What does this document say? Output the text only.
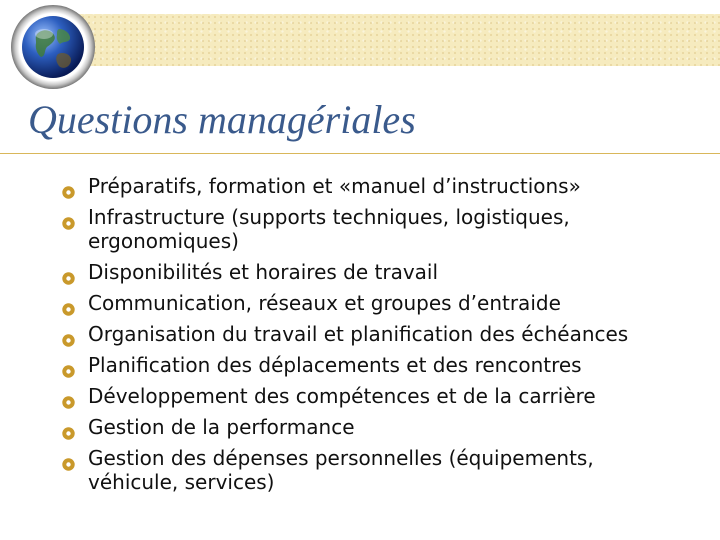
Questions managériales
Préparatifs, formation et «manuel d’instructions»
Infrastructure (supports techniques, logistiques,
ergonomiques)
Disponibilités et horaires de travail
Communication, réseaux et groupes d’entraide
Organisation du travail et planification des échéances
Planification des déplacements et des rencontres
Développement des compétences et de la carrière
Gestion de la performance
Gestion des dépenses personnelles (équipements,
véhicule, services)
